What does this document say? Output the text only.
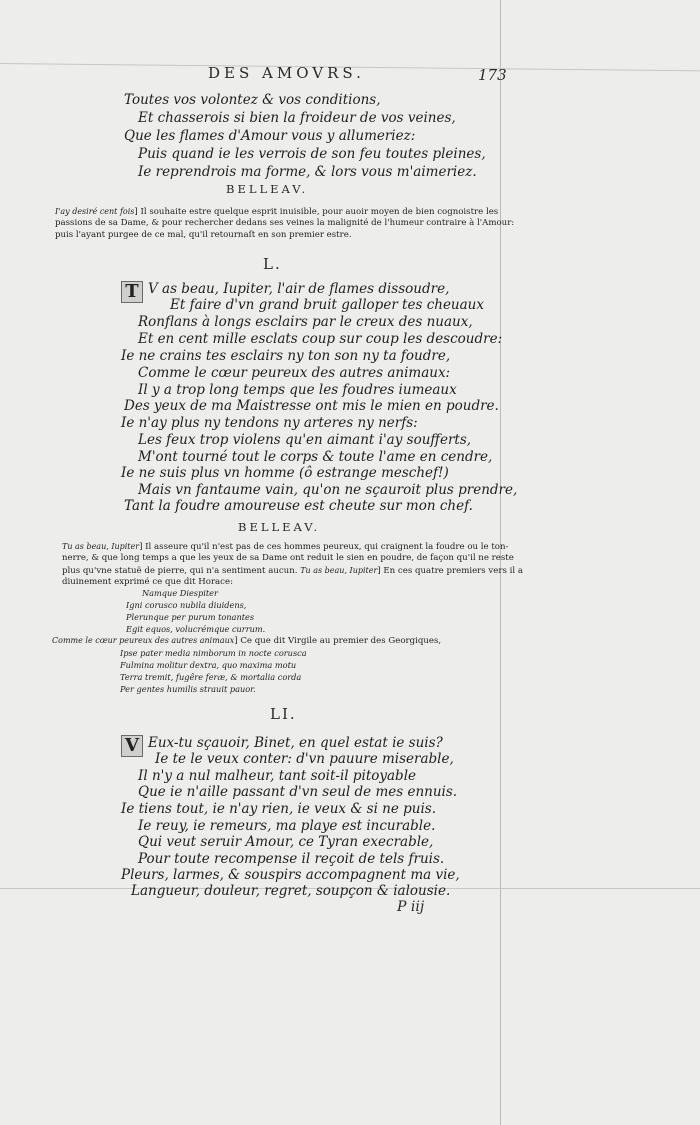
DES AMOVRS.	173
Toutes vos volontez & vos conditions,
Et chasserois si bien la froideur de vos veines,
Que les flames d'Amour vous y allumeriez:
Puis quand ie les verrois de son feu toutes pleines,
Ie reprendrois ma forme, & lors vous m'aimeriez.
BELLEAV.
I'ay desiré cent fois] Il souhaite estre quelque esprit inuisible, pour auoir moyen de bien cognoistre les
passions de sa Dame, & pour rechercher dedans ses veines la malignité de l'humeur contraire à l'Amour:
puis l'ayant purgee de ce mal, qu'il retournaſt en son premier estre.
L.
T V as beau, Iupiter, l'air de flames dissoudre,
Et faire d'vn grand bruit galloper tes cheuaux
Ronflans à longs esclairs par le creux des nuaux,
Et en cent mille esclats coup sur coup les descoudre:
Ie ne crains tes esclairs ny ton son ny ta foudre,
Comme le cœur peureux des autres animaux:
Il y a trop long temps que les foudres iumeaux
Des yeux de ma Maistresse ont mis le mien en poudre.
Ie n'ay plus ny tendons ny arteres ny nerfs:
Les feux trop violens qu'en aimant i'ay soufferts,
M'ont tourné tout le corps & toute l'ame en cendre,
Ie ne suis plus vn homme (ô estrange meschef!)
Mais vn fantaume vain, qu'on ne sçauroit plus prendre,
Tant la foudre amoureuse est cheute sur mon chef.
BELLEAV.
Tu as beau, Iupiter] Il asseure qu'il n'est pas de ces hommes peureux, qui craignent la foudre ou le ton-
nerre, & que long temps a que les yeux de sa Dame ont reduit le sien en poudre, de façon qu'il ne reste
plus qu'vne statuë de pierre, qui n'a sentiment aucun. Tu as beau, Iupiter] En ces quatre premiers vers il a
diuinement exprimé ce que dit Horace:
Namque Diespiter
Igni corusco nubila diuidens,
Plerunque per purum tonantes
Egit equos, volucrémque currum.
Comme le cœur peureux des autres animaux] Ce que dit Virgile au premier des Georgiques,
Ipse pater media nimborum in nocte corusca
Fulmina molitur dextra, quo maxima motu
Terra tremit, fugêre feræ, & mortalia corda
Per gentes humilis strauit pauor.
LI.
V Eux-tu sçauoir, Binet, en quel estat ie suis?
Ie te le veux conter: d'vn pauure miserable,
Il n'y a nul malheur, tant soit-il pitoyable
Que ie n'aille passant d'vn seul de mes ennuis.
Ie tiens tout, ie n'ay rien, ie veux & si ne puis.
Ie reuy, ie remeurs, ma playe est incurable.
Qui veut seruir Amour, ce Tyran execrable,
Pour toute recompense il reçoit de tels fruis.
Pleurs, larmes, & souspirs accompagnent ma vie,
Langueur, douleur, regret, soupçon & ialousie.
P iij
